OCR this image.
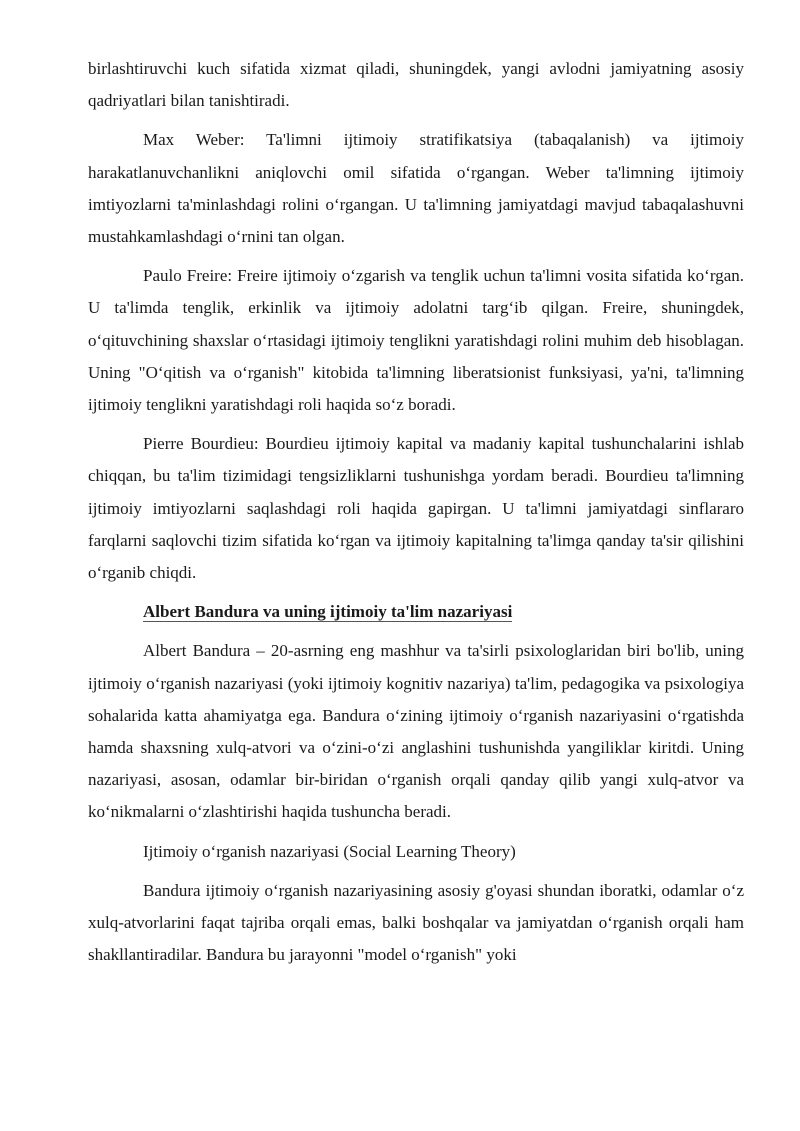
birlashtiruvchi kuch sifatida xizmat qiladi, shuningdek, yangi avlodni jamiyatning asosiy qadriyatlari bilan tanishtiradi.

Max Weber: Ta'limni ijtimoiy stratifikatsiya (tabaqalanish) va ijtimoiy harakatlanuvchanlikni aniqlovchi omil sifatida oʻrgangan. Weber ta'limning ijtimoiy imtiyozlarni ta'minlashdagi rolini oʻrgangan. U ta'limning jamiyatdagi mavjud tabaqalashuvni mustahkamlashdagi oʻrnini tan olgan.

Paulo Freire: Freire ijtimoiy oʻzgarish va tenglik uchun ta'limni vosita sifatida koʻrgan. U ta'limda tenglik, erkinlik va ijtimoiy adolatni targʻib qilgan. Freire, shuningdek, oʻqituvchining shaxslar oʻrtasidagi ijtimoiy tenglikni yaratishdagi rolini muhim deb hisoblagan. Uning "Oʻqitish va oʻrganish" kitobida ta'limning liberatsionist funksiyasi, ya'ni, ta'limning ijtimoiy tenglikni yaratishdagi roli haqida soʻz boradi.

Pierre Bourdieu: Bourdieu ijtimoiy kapital va madaniy kapital tushunchalarini ishlab chiqqan, bu ta'lim tizimidagi tengsizliklarni tushunishga yordam beradi. Bourdieu ta'limning ijtimoiy imtiyozlarni saqlashdagi roli haqida gapirgan. U ta'limni jamiyatdagi sinflararo farqlarni saqlovchi tizim sifatida koʻrgan va ijtimoiy kapitalning ta'limga qanday ta'sir qilishini oʻrganib chiqdi.

Albert Bandura va uning ijtimoiy ta'lim nazariyasi

Albert Bandura – 20-asrning eng mashhur va ta'sirli psixologlaridan biri bo'lib, uning ijtimoiy oʻrganish nazariyasi (yoki ijtimoiy kognitiv nazariya) ta'lim, pedagogika va psixologiya sohalarida katta ahamiyatga ega. Bandura oʻzining ijtimoiy oʻrganish nazariyasini oʻrgatishda hamda shaxsning xulq-atvori va oʻzini-oʻzi anglashini tushunishda yangiliklar kiritdi. Uning nazariyasi, asosan, odamlar bir-biridan oʻrganish orqali qanday qilib yangi xulq-atvor va koʻnikmalarni oʻzlashtirishi haqida tushuncha beradi.

Ijtimoiy oʻrganish nazariyasi (Social Learning Theory)

Bandura ijtimoiy oʻrganish nazariyasining asosiy g'oyasi shundan iboratki, odamlar oʻz xulq-atvorlarini faqat tajriba orqali emas, balki boshqalar va jamiyatdan oʻrganish orqali ham shakllantiradilar. Bandura bu jarayonni "model oʻrganish" yoki
